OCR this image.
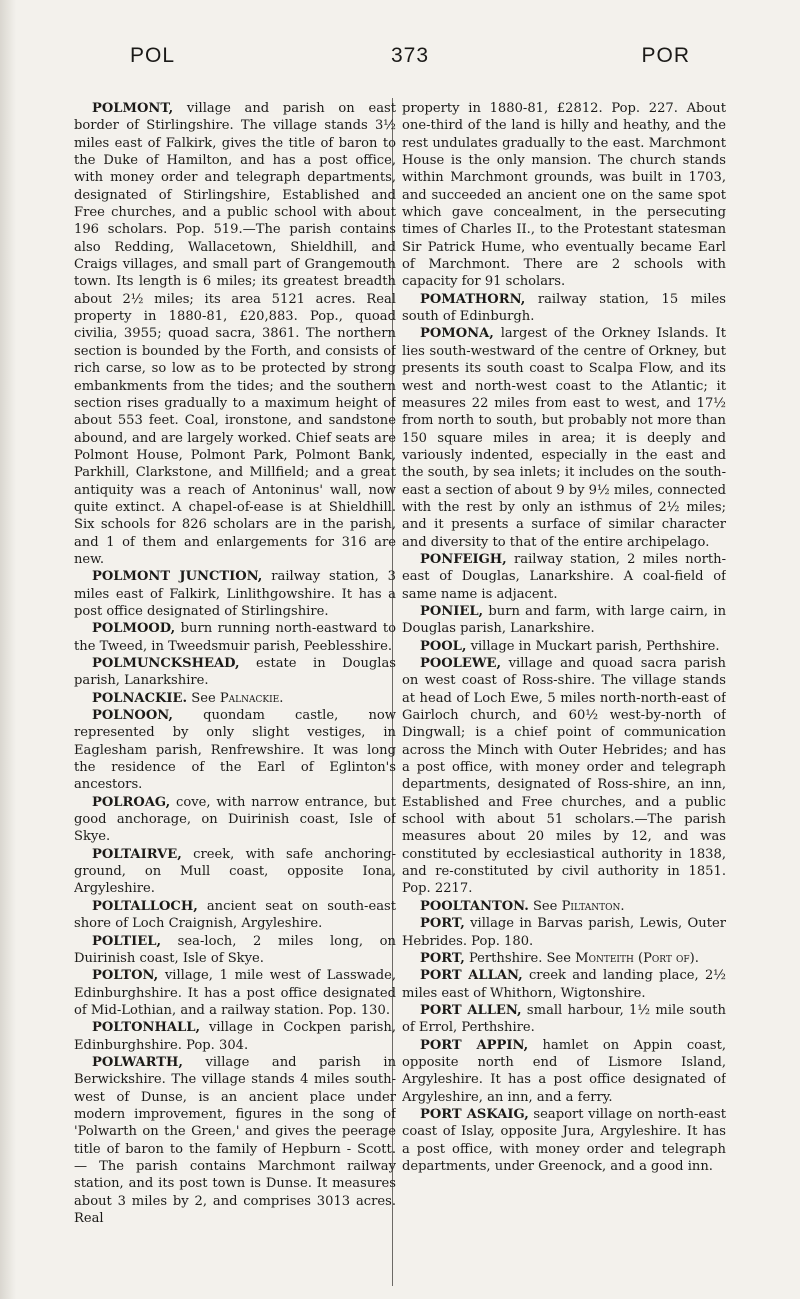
POL	373	POR

POLMONT, village and parish on east border of Stirlingshire. The village stands 3½ miles east of Falkirk, gives the title of baron to the Duke of Hamilton, and has a post office, with money order and telegraph departments, designated of Stirlingshire, Established and Free churches, and a public school with about 196 scholars. Pop. 519.—The parish contains also Redding, Wallacetown, Shieldhill, and Craigs villages, and small part of Grangemouth town. Its length is 6 miles; its greatest breadth about 2½ miles; its area 5121 acres. Real property in 1880-81, £20,883. Pop., quoad civilia, 3955; quoad sacra, 3861. The northern section is bounded by the Forth, and consists of rich carse, so low as to be protected by strong embankments from the tides; and the southern section rises gradually to a maximum height of about 553 feet. Coal, ironstone, and sandstone abound, and are largely worked. Chief seats are Polmont House, Polmont Park, Polmont Bank, Parkhill, Clarkstone, and Millfield; and a great antiquity was a reach of Antoninus' wall, now quite extinct. A chapel-of-ease is at Shieldhill. Six schools for 826 scholars are in the parish, and 1 of them and enlargements for 316 are new.

POLMONT JUNCTION, railway station, 3 miles east of Falkirk, Linlithgowshire. It has a post office designated of Stirlingshire.

POLMOOD, burn running north-eastward to the Tweed, in Tweedsmuir parish, Peeblesshire.

POLMUNCKSHEAD, estate in Douglas parish, Lanarkshire.

POLNACKIE. See Palnackie.

POLNOON, quondam castle, now represented by only slight vestiges, in Eaglesham parish, Renfrewshire. It was long the residence of the Earl of Eglinton's ancestors.

POLROAG, cove, with narrow entrance, but good anchorage, on Duirinish coast, Isle of Skye.

POLTAIRVE, creek, with safe anchoring-ground, on Mull coast, opposite Iona, Argyleshire.

POLTALLOCH, ancient seat on south-east shore of Loch Craignish, Argyleshire.

POLTIEL, sea-loch, 2 miles long, on Duirinish coast, Isle of Skye.

POLTON, village, 1 mile west of Lasswade, Edinburghshire. It has a post office designated of Mid-Lothian, and a railway station. Pop. 130.

POLTONHALL, village in Cockpen parish, Edinburghshire. Pop. 304.

POLWARTH, village and parish in Berwickshire. The village stands 4 miles south-west of Dunse, is an ancient place under modern improvement, figures in the song of 'Polwarth on the Green,' and gives the peerage title of baron to the family of Hepburn - Scott. — The parish contains Marchmont railway station, and its post town is Dunse. It measures about 3 miles by 2, and comprises 3013 acres. Real

property in 1880-81, £2812. Pop. 227. About one-third of the land is hilly and heathy, and the rest undulates gradually to the east. Marchmont House is the only mansion. The church stands within Marchmont grounds, was built in 1703, and succeeded an ancient one on the same spot which gave concealment, in the persecuting times of Charles II., to the Protestant statesman Sir Patrick Hume, who eventually became Earl of Marchmont. There are 2 schools with capacity for 91 scholars.

POMATHORN, railway station, 15 miles south of Edinburgh.

POMONA, largest of the Orkney Islands. It lies south-westward of the centre of Orkney, but presents its south coast to Scalpa Flow, and its west and north-west coast to the Atlantic; it measures 22 miles from east to west, and 17½ from north to south, but probably not more than 150 square miles in area; it is deeply and variously indented, especially in the east and the south, by sea inlets; it includes on the south-east a section of about 9 by 9½ miles, connected with the rest by only an isthmus of 2½ miles; and it presents a surface of similar character and diversity to that of the entire archipelago.

PONFEIGH, railway station, 2 miles north-east of Douglas, Lanarkshire. A coal-field of same name is adjacent.

PONIEL, burn and farm, with large cairn, in Douglas parish, Lanarkshire.

POOL, village in Muckart parish, Perthshire.

POOLEWE, village and quoad sacra parish on west coast of Ross-shire. The village stands at head of Loch Ewe, 5 miles north-north-east of Gairloch church, and 60½ west-by-north of Dingwall; is a chief point of communication across the Minch with Outer Hebrides; and has a post office, with money order and telegraph departments, designated of Ross-shire, an inn, Established and Free churches, and a public school with about 51 scholars.—The parish measures about 20 miles by 12, and was constituted by ecclesiastical authority in 1838, and re-constituted by civil authority in 1851. Pop. 2217.

POOLTANTON. See Piltanton.

PORT, village in Barvas parish, Lewis, Outer Hebrides. Pop. 180.

PORT, Perthshire. See Monteith (Port of).

PORT ALLAN, creek and landing place, 2½ miles east of Whithorn, Wigtonshire.

PORT ALLEN, small harbour, 1½ mile south of Errol, Perthshire.

PORT APPIN, hamlet on Appin coast, opposite north end of Lismore Island, Argyleshire. It has a post office designated of Argyleshire, an inn, and a ferry.

PORT ASKAIG, seaport village on north-east coast of Islay, opposite Jura, Argyleshire. It has a post office, with money order and telegraph departments, under Greenock, and a good inn.
